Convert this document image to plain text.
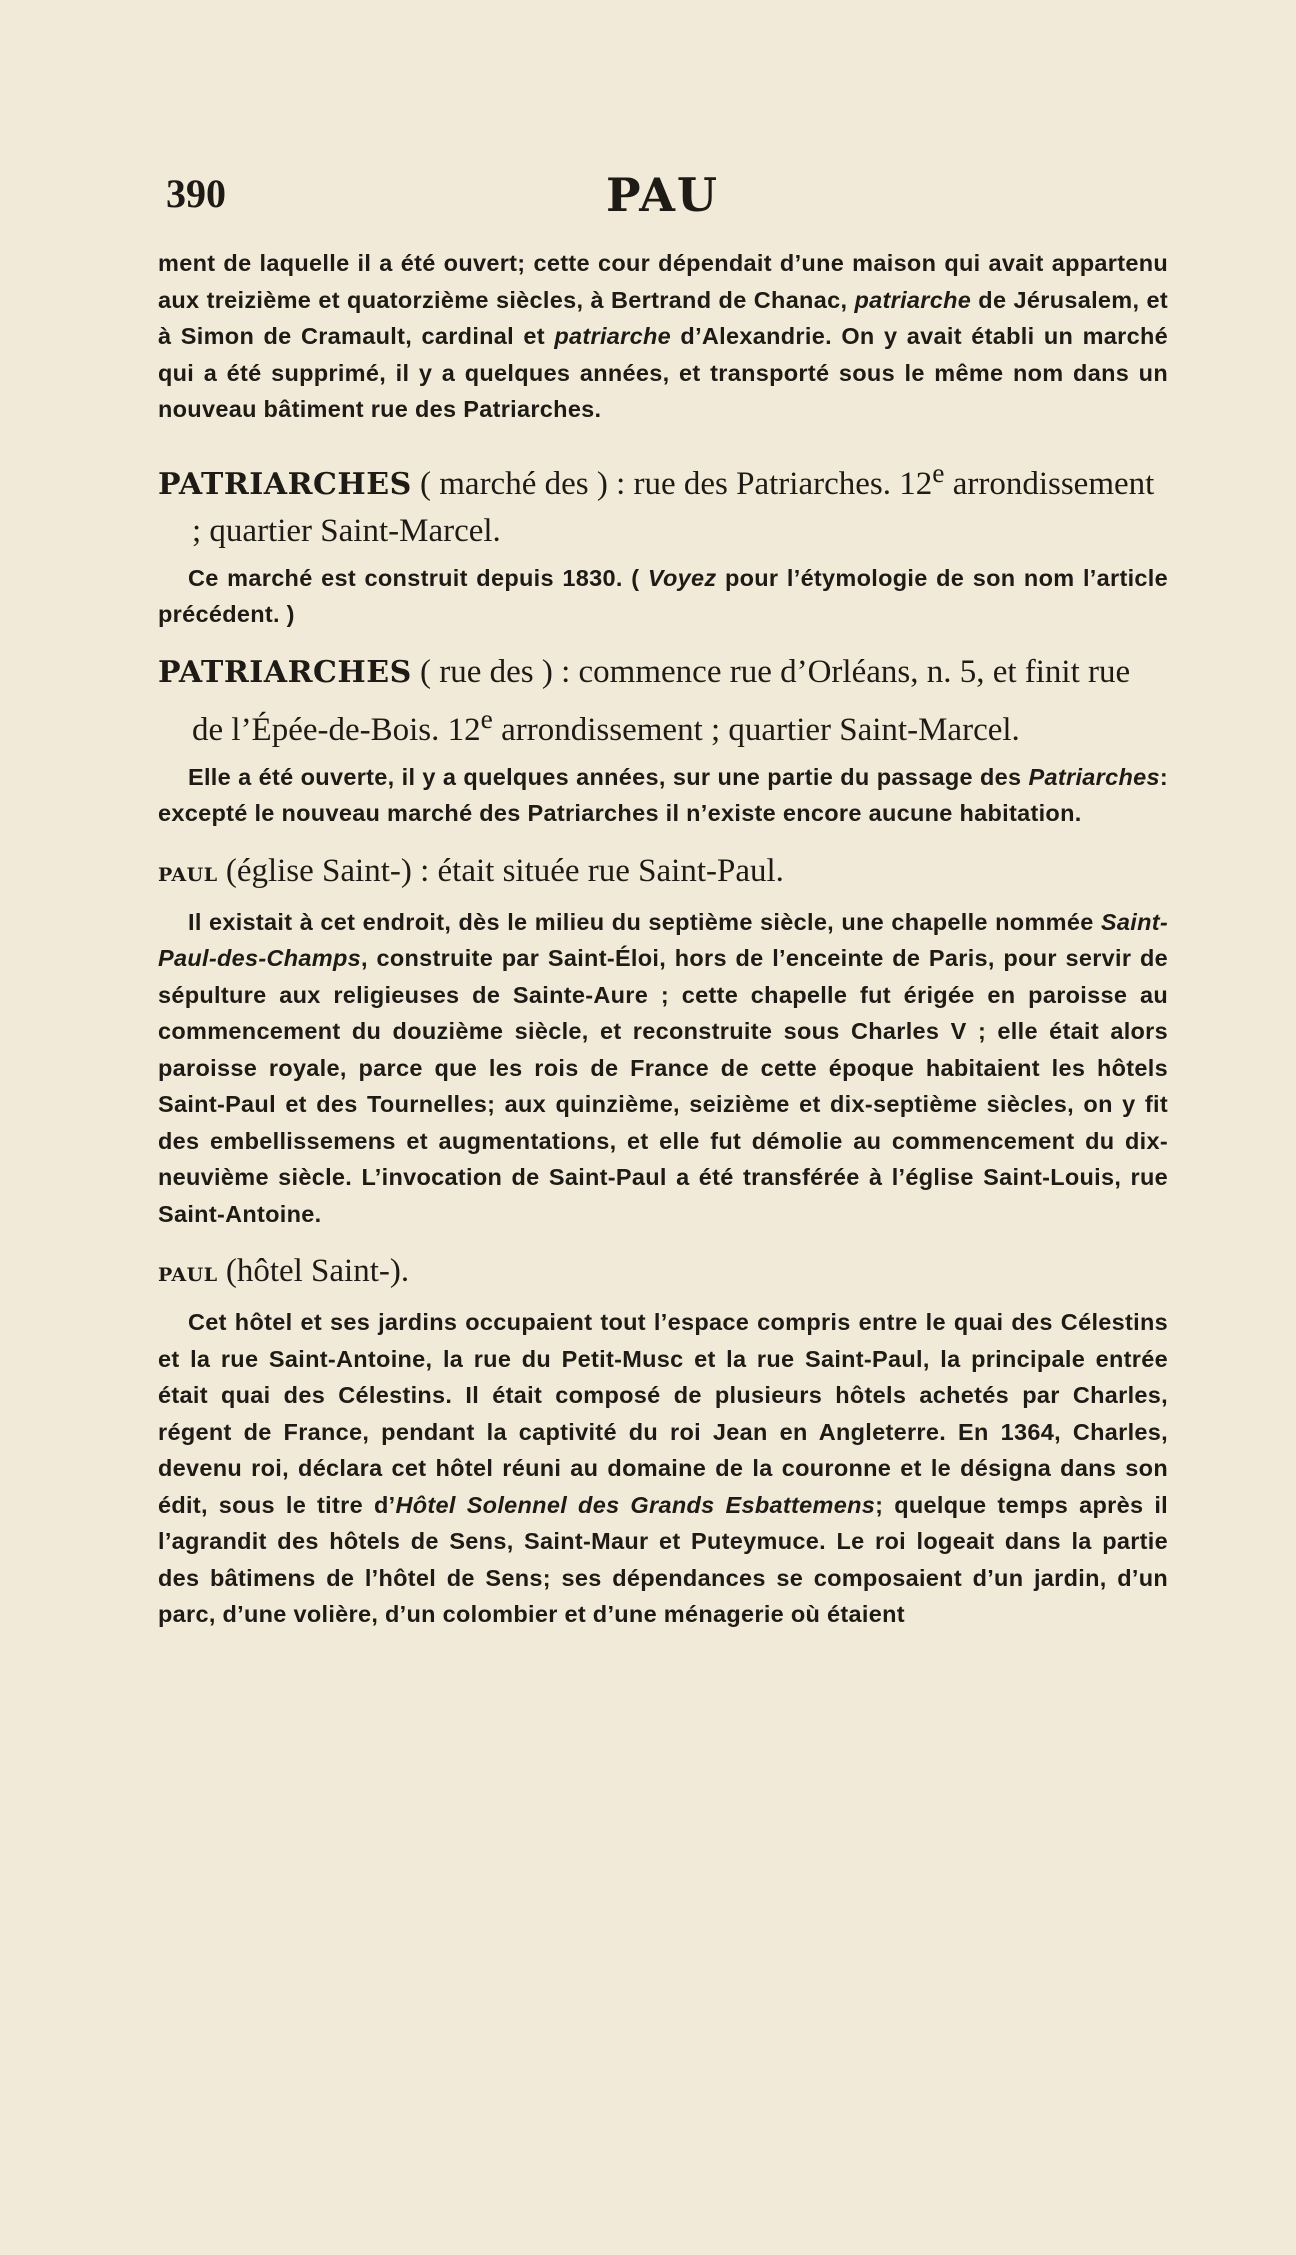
390	PAU

ment de laquelle il a été ouvert; cette cour dépendait d’une maison qui avait appartenu aux treizième et quatorzième siècles, à Bertrand de Chanac, patriarche de Jérusalem, et à Simon de Cramault, cardinal et patriarche d’Alexandrie. On y avait établi un marché qui a été supprimé, il y a quelques années, et transporté sous le même nom dans un nouveau bâtiment rue des Patriarches.

PATRIARCHES ( marché des ) : rue des Patriarches. 12e arrondissement ; quartier Saint-Marcel.

Ce marché est construit depuis 1830. ( Voyez pour l’étymologie de son nom l’article précédent. )

PATRIARCHES ( rue des ) : commence rue d’Orléans, n. 5, et finit rue de l’Épée-de-Bois. 12e arrondissement ; quartier Saint-Marcel.

Elle a été ouverte, il y a quelques années, sur une partie du passage des Patriarches: excepté le nouveau marché des Patriarches il n’existe encore aucune habitation.

PAUL (église Saint-) : était située rue Saint-Paul.

Il existait à cet endroit, dès le milieu du septième siècle, une chapelle nommée Saint-Paul-des-Champs, construite par Saint-Éloi, hors de l’enceinte de Paris, pour servir de sépulture aux religieuses de Sainte-Aure ; cette chapelle fut érigée en paroisse au commencement du douzième siècle, et reconstruite sous Charles V ; elle était alors paroisse royale, parce que les rois de France de cette époque habitaient les hôtels Saint-Paul et des Tournelles; aux quinzième, seizième et dix-septième siècles, on y fit des embellissemens et augmentations, et elle fut démolie au commencement du dix-neuvième siècle. L’invocation de Saint-Paul a été transférée à l’église Saint-Louis, rue Saint-Antoine.

PAUL (hôtel Saint-).

Cet hôtel et ses jardins occupaient tout l’espace compris entre le quai des Célestins et la rue Saint-Antoine, la rue du Petit-Musc et la rue Saint-Paul, la principale entrée était quai des Célestins. Il était composé de plusieurs hôtels achetés par Charles, régent de France, pendant la captivité du roi Jean en Angleterre. En 1364, Charles, devenu roi, déclara cet hôtel réuni au domaine de la couronne et le désigna dans son édit, sous le titre d’Hôtel Solennel des Grands Esbattemens; quelque temps après il l’agrandit des hôtels de Sens, Saint-Maur et Puteymuce. Le roi logeait dans la partie des bâtimens de l’hôtel de Sens; ses dépendances se composaient d’un jardin, d’un parc, d’une volière, d’un colombier et d’une ménagerie où étaient
